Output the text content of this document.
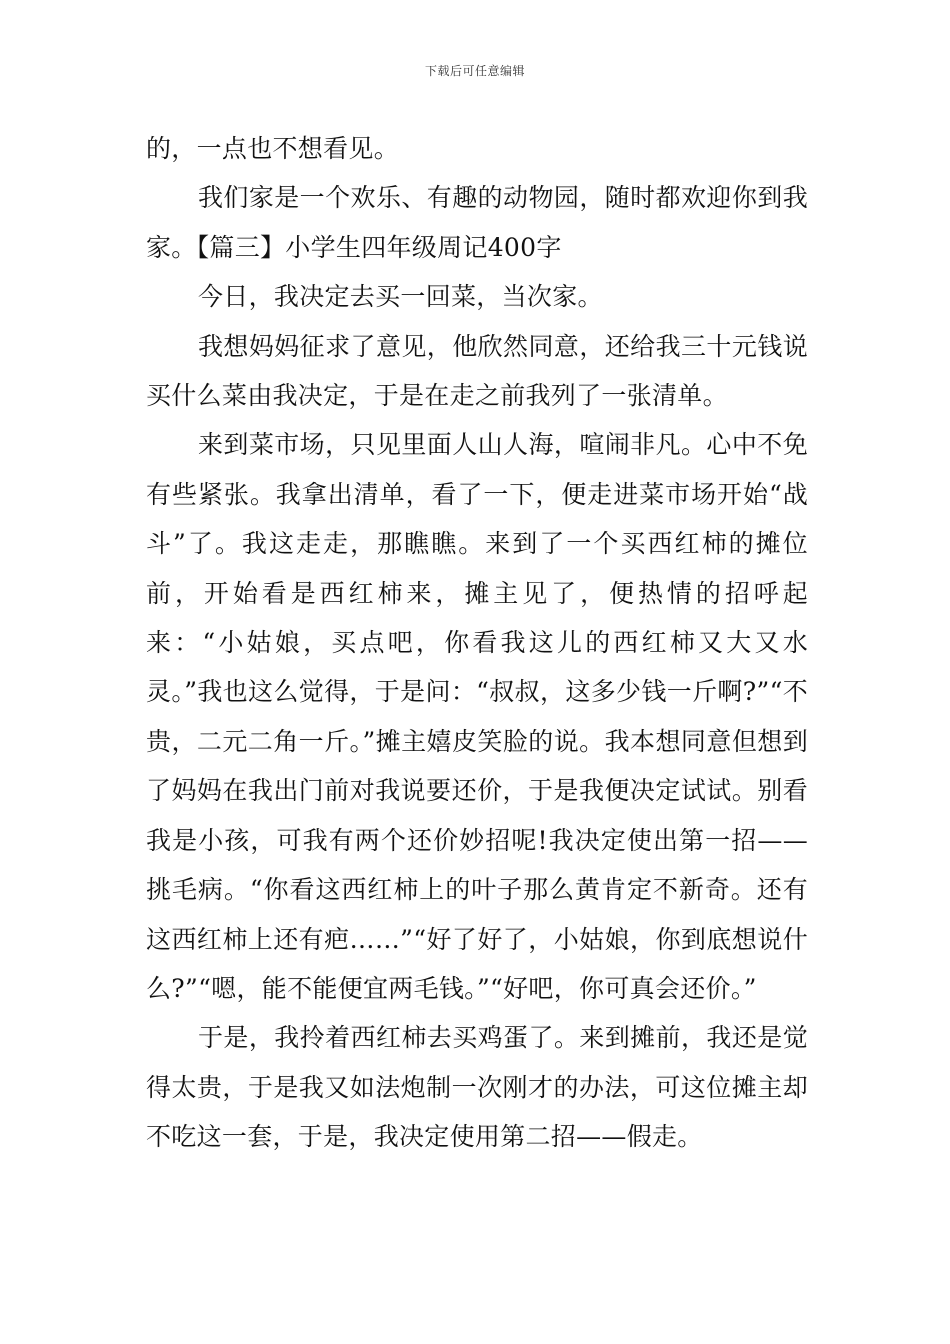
下载后可任意编辑

的，一点也不想看见。

我们家是一个欢乐、有趣的动物园，随时都欢迎你到我家。【篇三】小学生四年级周记400字

今日，我决定去买一回菜，当次家。

我想妈妈征求了意见，他欣然同意，还给我三十元钱说买什么菜由我决定，于是在走之前我列了一张清单。

来到菜市场，只见里面人山人海，喧闹非凡。心中不免有些紧张。我拿出清单，看了一下，便走进菜市场开始“战斗”了。我这走走，那瞧瞧。来到了一个买西红柿的摊位前，开始看是西红柿来，摊主见了，便热情的招呼起来：“小姑娘，买点吧，你看我这儿的西红柿又大又水灵。”我也这么觉得，于是问：“叔叔，这多少钱一斤啊?”“不贵，二元二角一斤。”摊主嬉皮笑脸的说。我本想同意但想到了妈妈在我出门前对我说要还价，于是我便决定试试。别看我是小孩，可我有两个还价妙招呢!我决定使出第一招——挑毛病。“你看这西红柿上的叶子那么黄肯定不新奇。还有这西红柿上还有疤……”“好了好了，小姑娘，你到底想说什么?”“嗯，能不能便宜两毛钱。”“好吧，你可真会还价。”

于是，我拎着西红柿去买鸡蛋了。来到摊前，我还是觉得太贵，于是我又如法炮制一次刚才的办法，可这位摊主却不吃这一套，于是，我决定使用第二招——假走。
